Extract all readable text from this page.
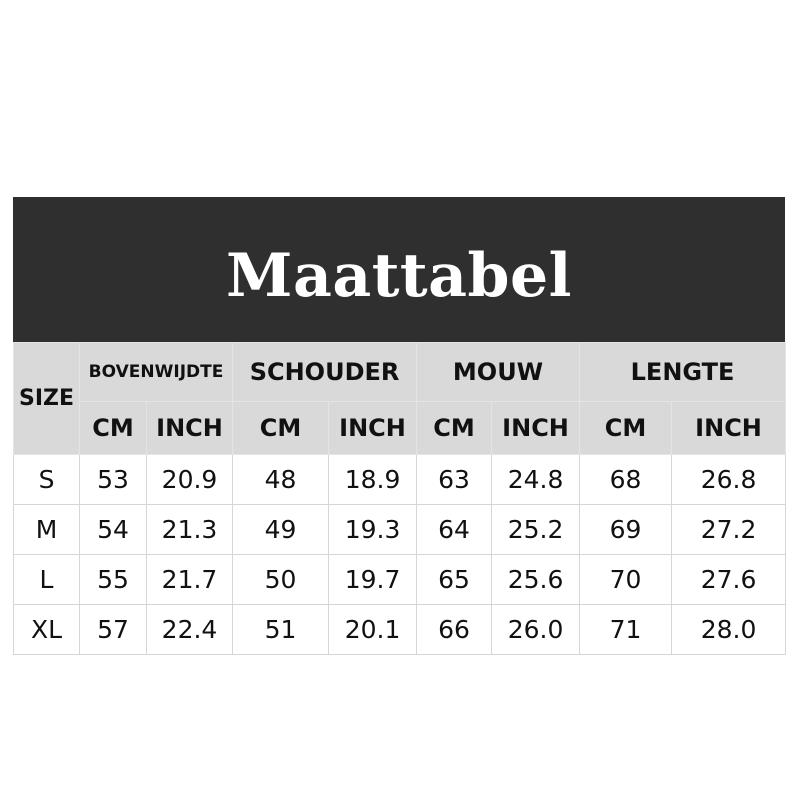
Maattabel
SIZE	BOVENWIJDTE		SCHOUDER		MOUW		LENGTE	
	CM	INCH	CM	INCH	CM	INCH	CM	INCH
S	53	20.9	48	18.9	63	24.8	68	26.8
M	54	21.3	49	19.3	64	25.2	69	27.2
L	55	21.7	50	19.7	65	25.6	70	27.6
XL	57	22.4	51	20.1	66	26.0	71	28.0
